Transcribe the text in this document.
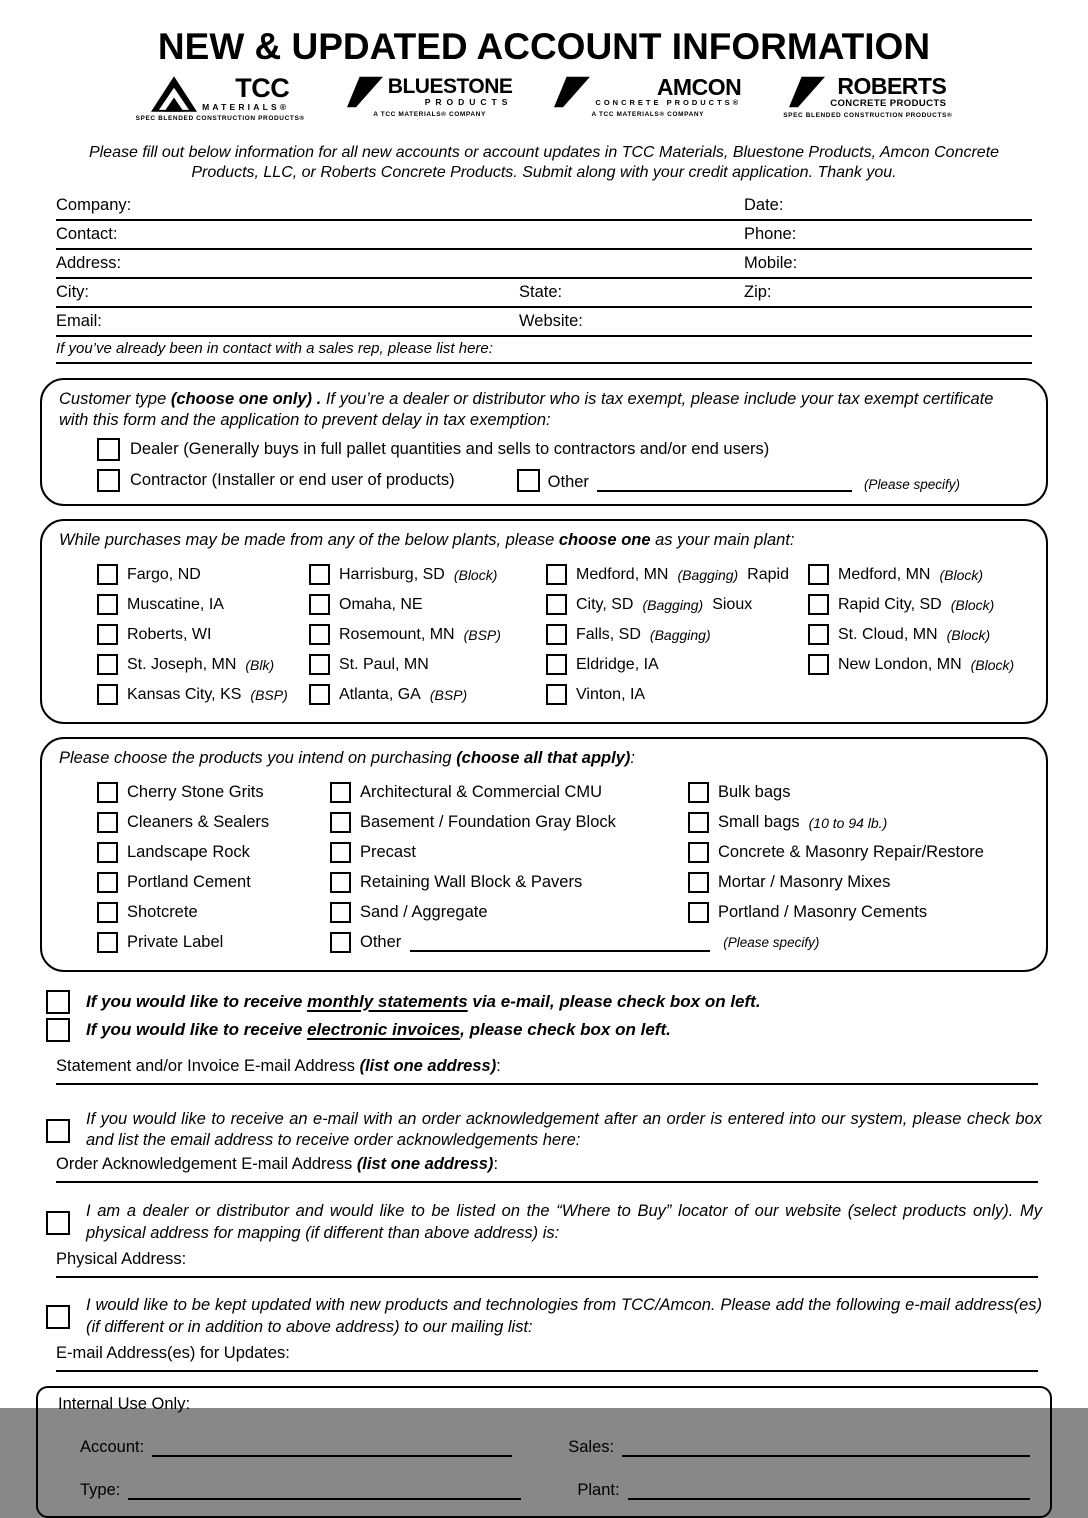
NEW & UPDATED ACCOUNT INFORMATION
TCC
MATERIALS®
SPEC BLENDED CONSTRUCTION PRODUCTS®
BLUESTONE
PRODUCTS
A TCC MATERIALS® COMPANY
AMCON
CONCRETE PRODUCTS®
A TCC MATERIALS® COMPANY
ROBERTS
CONCRETE PRODUCTS
SPEC BLENDED CONSTRUCTION PRODUCTS®
Please fill out below information for all new accounts or account updates in TCC Materials, Bluestone Products, Amcon Concrete Products, LLC, or Roberts Concrete Products. Submit along with your credit application. Thank you.
Company:	Date:
Contact:	Phone:
Address:	Mobile:
City:	State:	Zip:
Email:	Website:
If you’ve already been in contact with a sales rep, please list here:
Customer type (choose one only) . If you’re a dealer or distributor who is tax exempt, please include your tax exempt certificate with this form and the application to prevent delay in tax exemption:
Dealer (Generally buys in full pallet quantities and sells to contractors and/or end users)
Contractor (Installer or end user of products)	Other	(Please specify)
While purchases may be made from any of the below plants, please choose one as your main plant:
Fargo, ND
Muscatine, IA
Roberts, WI
St. Joseph, MN (Blk)
Kansas City, KS (BSP)
Harrisburg, SD (Block)
Omaha, NE
Rosemount, MN (BSP)
St. Paul, MN
Atlanta, GA (BSP)
Medford, MN (Bagging) Rapid
City, SD (Bagging) Sioux
Falls, SD (Bagging)
Eldridge, IA
Vinton, IA
Medford, MN (Block)
Rapid City, SD (Block)
St. Cloud, MN (Block)
New London, MN (Block)
Please choose the products you intend on purchasing (choose all that apply):
Cherry Stone Grits
Cleaners & Sealers
Landscape Rock
Portland Cement
Shotcrete
Private Label
Architectural & Commercial CMU
Basement / Foundation Gray Block
Precast
Retaining Wall Block & Pavers
Sand / Aggregate
Other	(Please specify)
Bulk bags
Small bags (10 to 94 lb.)
Concrete & Masonry Repair/Restore
Mortar / Masonry Mixes
Portland / Masonry Cements
If you would like to receive monthly statements via e-mail, please check box on left.
If you would like to receive electronic invoices, please check box on left.
Statement and/or Invoice E-mail Address (list one address):
If you would like to receive an e-mail with an order acknowledgement after an order is entered into our system, please check box and list the email address to receive order acknowledgements here:
Order Acknowledgement E-mail Address (list one address):
I am a dealer or distributor and would like to be listed on the “Where to Buy” locator of our website (select products only). My physical address for mapping (if different than above address) is:
Physical Address:
I would like to be kept updated with new products and technologies from TCC/Amcon. Please add the following e-mail address(es) (if different or in addition to above address) to our mailing list:
E-mail Address(es) for Updates:
Internal Use Only:
Account:	Sales:
Type:	Plant:
